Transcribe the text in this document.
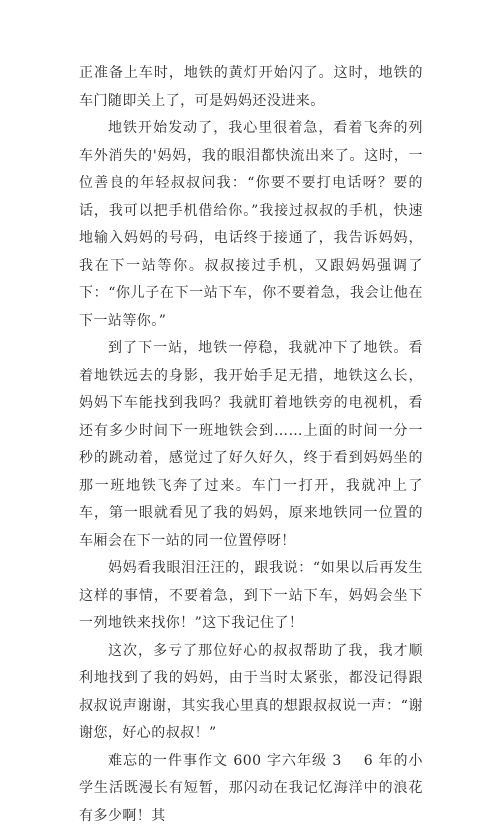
正准备上车时，地铁的黄灯开始闪了。这时，地铁的车门随即关上了，可是妈妈还没进来。

地铁开始发动了，我心里很着急，看着飞奔的列车外消失的'妈妈，我的眼泪都快流出来了。这时，一位善良的年轻叔叔问我：“你要不要打电话呀？要的话，我可以把手机借给你。”我接过叔叔的手机，快速地输入妈妈的号码，电话终于接通了，我告诉妈妈，我在下一站等你。叔叔接过手机，又跟妈妈强调了下：“你儿子在下一站下车，你不要着急，我会让他在下一站等你。”

到了下一站，地铁一停稳，我就冲下了地铁。看着地铁远去的身影，我开始手足无措，地铁这么长，妈妈下车能找到我吗？我就盯着地铁旁的电视机，看还有多少时间下一班地铁会到……上面的时间一分一秒的跳动着，感觉过了好久好久，终于看到妈妈坐的那一班地铁飞奔了过来。车门一打开，我就冲上了车，第一眼就看见了我的妈妈，原来地铁同一位置的车厢会在下一站的同一位置停呀！

妈妈看我眼泪汪汪的，跟我说：“如果以后再发生这样的事情，不要着急，到下一站下车，妈妈会坐下一列地铁来找你！”这下我记住了！

这次，多亏了那位好心的叔叔帮助了我，我才顺利地找到了我的妈妈，由于当时太紧张，都没记得跟叔叔说声谢谢，其实我心里真的想跟叔叔说一声：“谢谢您，好心的叔叔！”

难忘的一件事作文 600 字六年级 3 6 年的小学生活既漫长有短暂，那闪动在我记忆海洋中的浪花有多少啊！其
